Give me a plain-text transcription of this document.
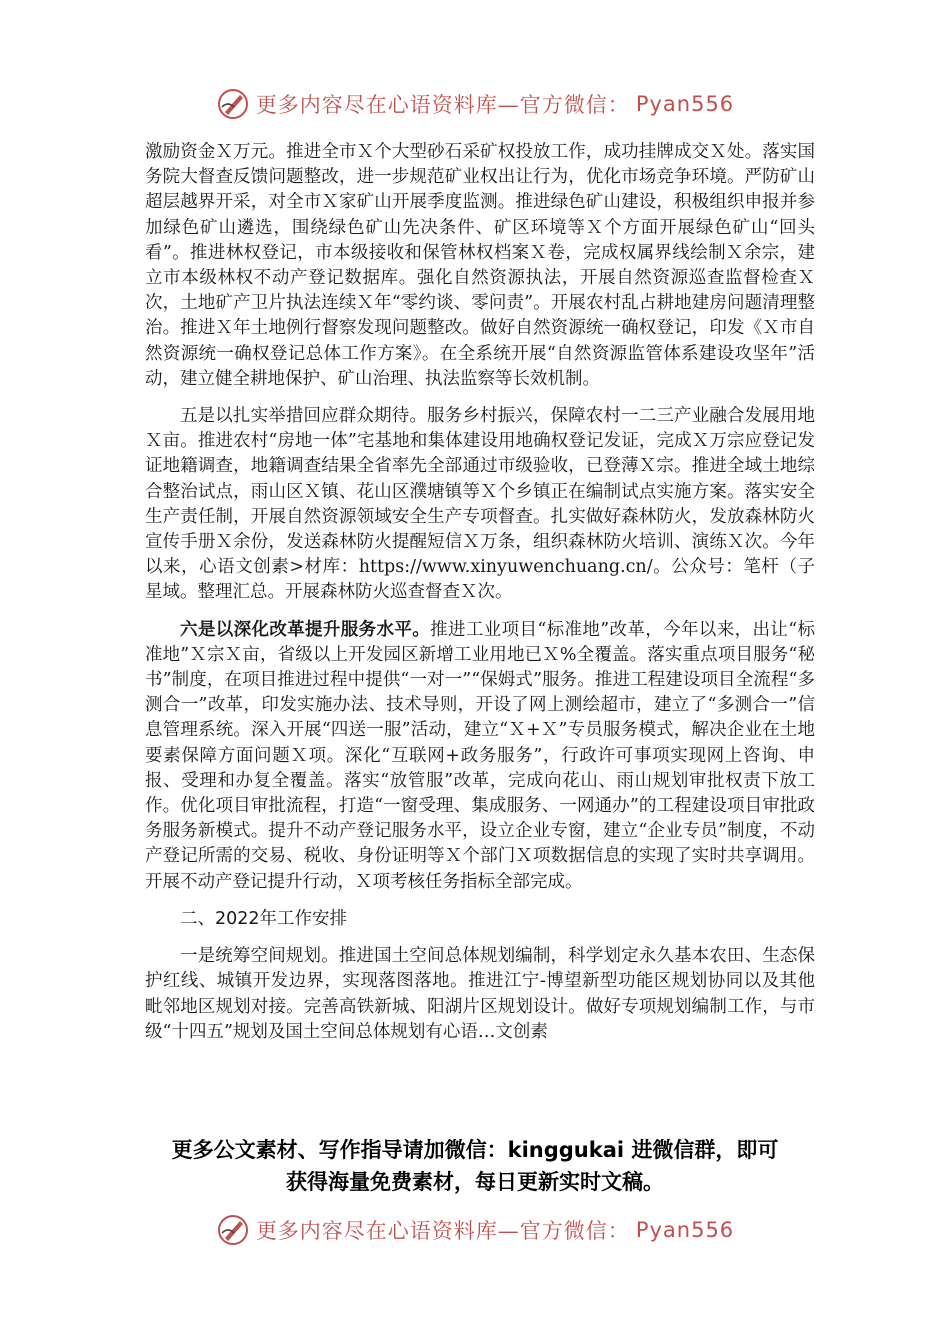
更多内容尽在心语资料库—官方微信： Pyan556

激励资金Ｘ万元。推进全市Ｘ个大型砂石采矿权投放工作，成功挂牌成交Ｘ处。落实国务院大督查反馈问题整改，进一步规范矿业权出让行为，优化市场竞争环境。严防矿山超层越界开采，对全市Ｘ家矿山开展季度监测。推进绿色矿山建设，积极组织申报并参加绿色矿山遴选，围绕绿色矿山先决条件、矿区环境等Ｘ个方面开展绿色矿山“回头看”。推进林权登记，市本级接收和保管林权档案Ｘ卷，完成权属界线绘制Ｘ余宗，建立市本级林权不动产登记数据库。强化自然资源执法，开展自然资源巡查监督检查Ｘ次，土地矿产卫片执法连续Ｘ年“零约谈、零问责”。开展农村乱占耕地建房问题清理整治。推进Ｘ年土地例行督察发现问题整改。做好自然资源统一确权登记，印发《Ｘ市自然资源统一确权登记总体工作方案》。在全系统开展“自然资源监管体系建设攻坚年”活动，建立健全耕地保护、矿山治理、执法监察等长效机制。

五是以扎实举措回应群众期待。服务乡村振兴，保障农村一二三产业融合发展用地Ｘ亩。推进农村“房地一体”宅基地和集体建设用地确权登记发证，完成Ｘ万宗应登记发证地籍调查，地籍调查结果全省率先全部通过市级验收，已登薄Ｘ宗。推进全域土地综合整治试点，雨山区Ｘ镇、花山区濮塘镇等Ｘ个乡镇正在编制试点实施方案。落实安全生产责任制，开展自然资源领域安全生产专项督查。扎实做好森林防火，发放森林防火宣传手册Ｘ余份，发送森林防火提醒短信Ｘ万条，组织森林防火培训、演练Ｘ次。今年以来，心语文创素>材库：https://www.xinyuwenchuang.cn/。公众号：笔杆（子星域。整理汇总。开展森林防火巡查督查Ｘ次。

六是以深化改革提升服务水平。推进工业项目“标准地”改革，今年以来，出让“标准地”Ｘ宗Ｘ亩，省级以上开发园区新增工业用地已Ｘ%全覆盖。落实重点项目服务“秘书”制度，在项目推进过程中提供“一对一”“保姆式”服务。推进工程建设项目全流程“多测合一”改革，印发实施办法、技术导则，开设了网上测绘超市，建立了“多测合一”信息管理系统。深入开展“四送一服”活动，建立“Ｘ+Ｘ”专员服务模式，解决企业在土地要素保障方面问题Ｘ项。深化“互联网+政务服务”，行政许可事项实现网上咨询、申报、受理和办复全覆盖。落实“放管服”改革，完成向花山、雨山规划审批权责下放工作。优化项目审批流程，打造“一窗受理、集成服务、一网通办”的工程建设项目审批政务服务新模式。提升不动产登记服务水平，设立企业专窗，建立“企业专员”制度，不动产登记所需的交易、税收、身份证明等Ｘ个部门Ｘ项数据信息的实现了实时共享调用。开展不动产登记提升行动，Ｘ项考核任务指标全部完成。

二、2022年工作安排

一是统筹空间规划。推进国土空间总体规划编制，科学划定永久基本农田、生态保护红线、城镇开发边界，实现落图落地。推进江宁-博望新型功能区规划协同以及其他毗邻地区规划对接。完善高铁新城、阳湖片区规划设计。做好专项规划编制工作，与市级“十四五”规划及国土空间总体规划有心语…文创素

更多公文素材、写作指导请加微信：kinggukai 进微信群，即可

获得海量免费素材，每日更新实时文稿。

更多内容尽在心语资料库—官方微信： Pyan556
